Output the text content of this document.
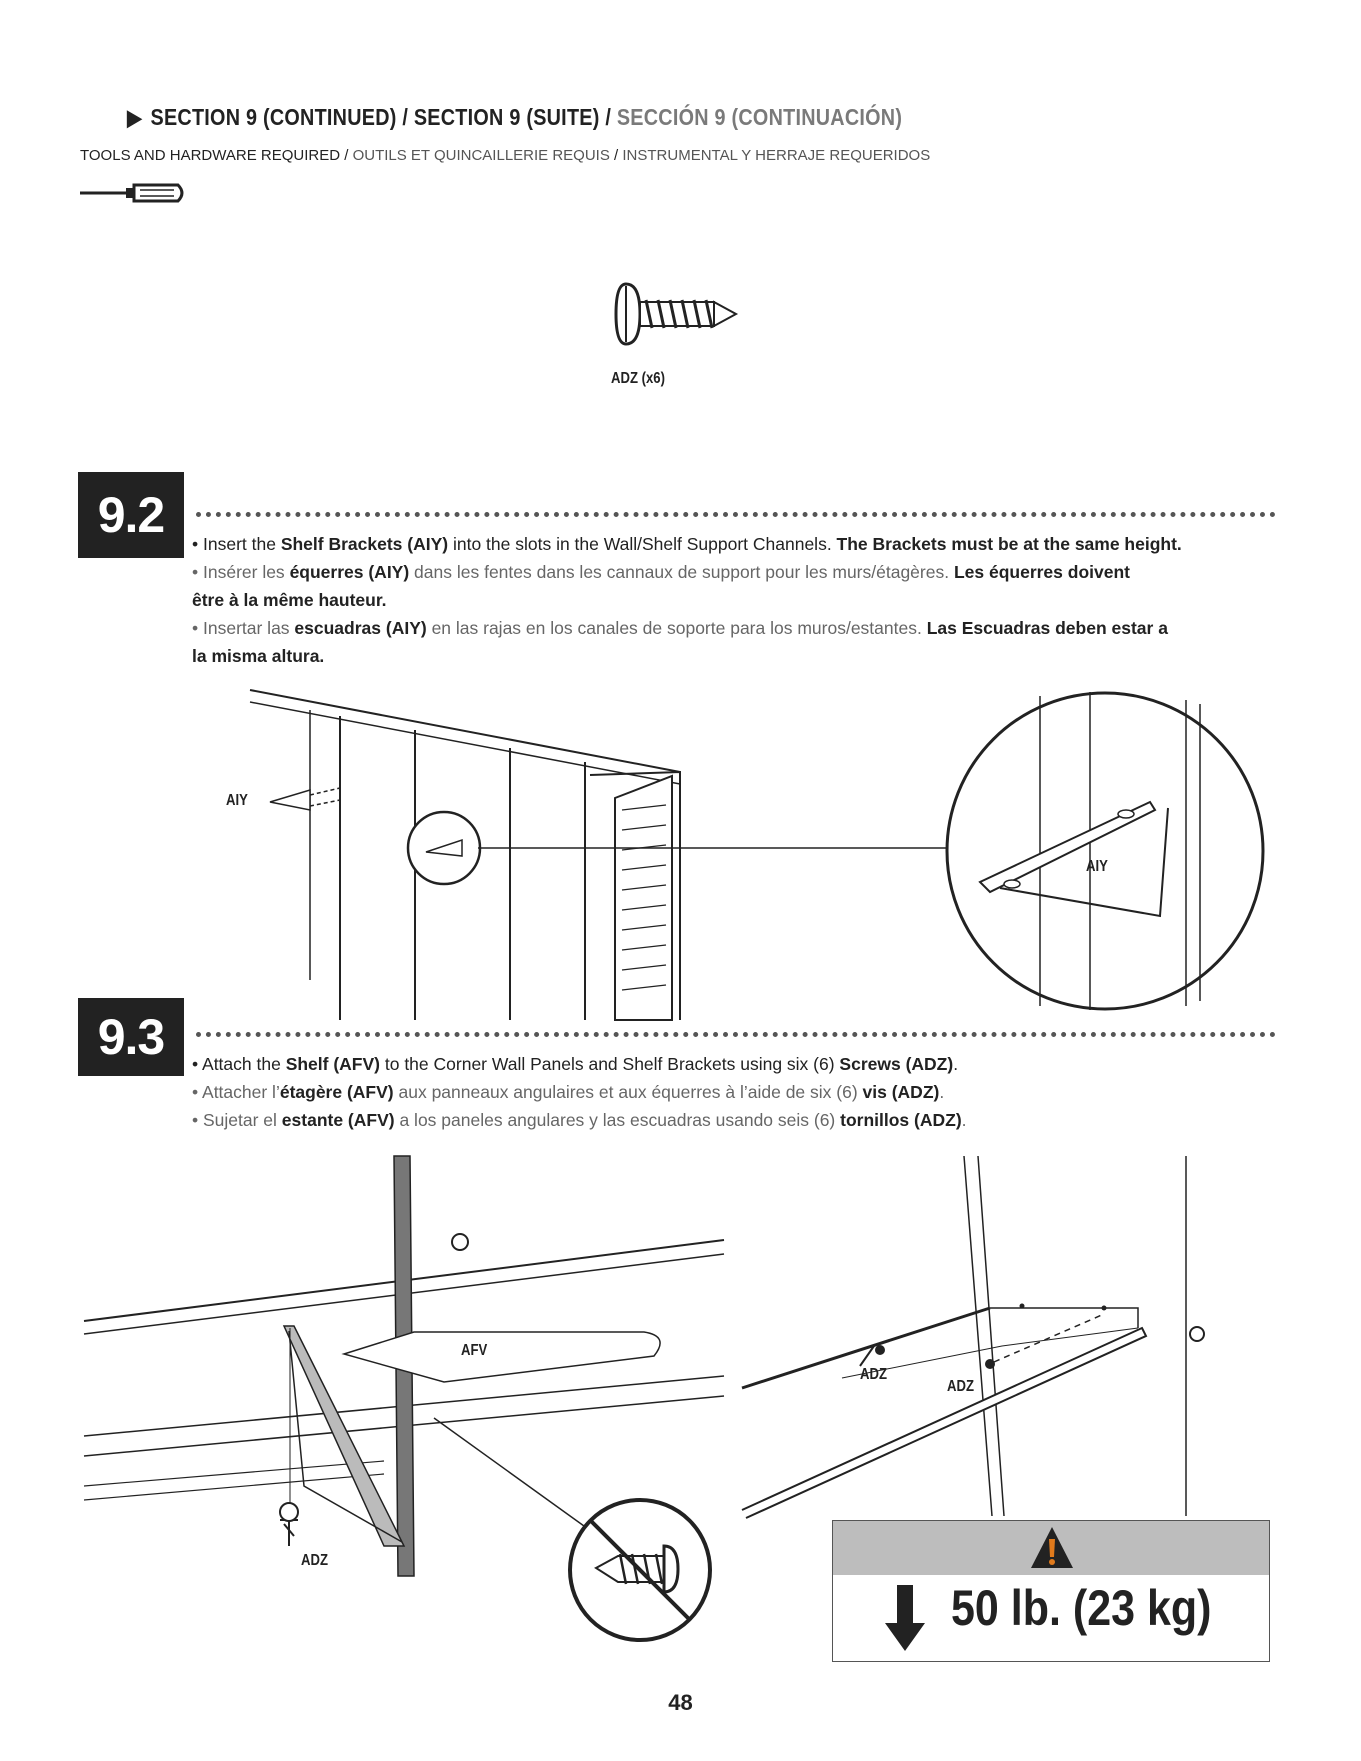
▶ SECTION 9 (CONTINUED) / SECTION 9 (SUITE) / SECCIÓN 9 (CONTINUACIÓN)
TOOLS AND HARDWARE REQUIRED / OUTILS ET QUINCAILLERIE REQUIS / INSTRUMENTAL Y HERRAJE REQUERIDOS
ADZ (x6)
9.2
• Insert the Shelf Brackets (AIY) into the slots in the Wall/Shelf Support Channels. The Brackets must be at the same height.
• Insérer les équerres (AIY) dans les fentes dans les cannaux de support pour les murs/étagères. Les équerres doivent
être à la même hauteur.
• Insertar las escuadras (AIY) en las rajas en los canales de soporte para los muros/estantes. Las Escuadras deben estar a
la misma altura.
AIY
AIY
9.3	• Attach the Shelf (AFV) to the Corner Wall Panels and Shelf Brackets using six (6) Screws (ADZ).
• Attacher l’étagère (AFV) aux panneaux angulaires et aux équerres à l’aide de six (6) vis (ADZ).
• Sujetar el estante (AFV) a los paneles angulares y las escuadras usando seis (6) tornillos (ADZ).
AFV
ADZ
ADZ
ADZ
50 lb. (23 kg)
48
